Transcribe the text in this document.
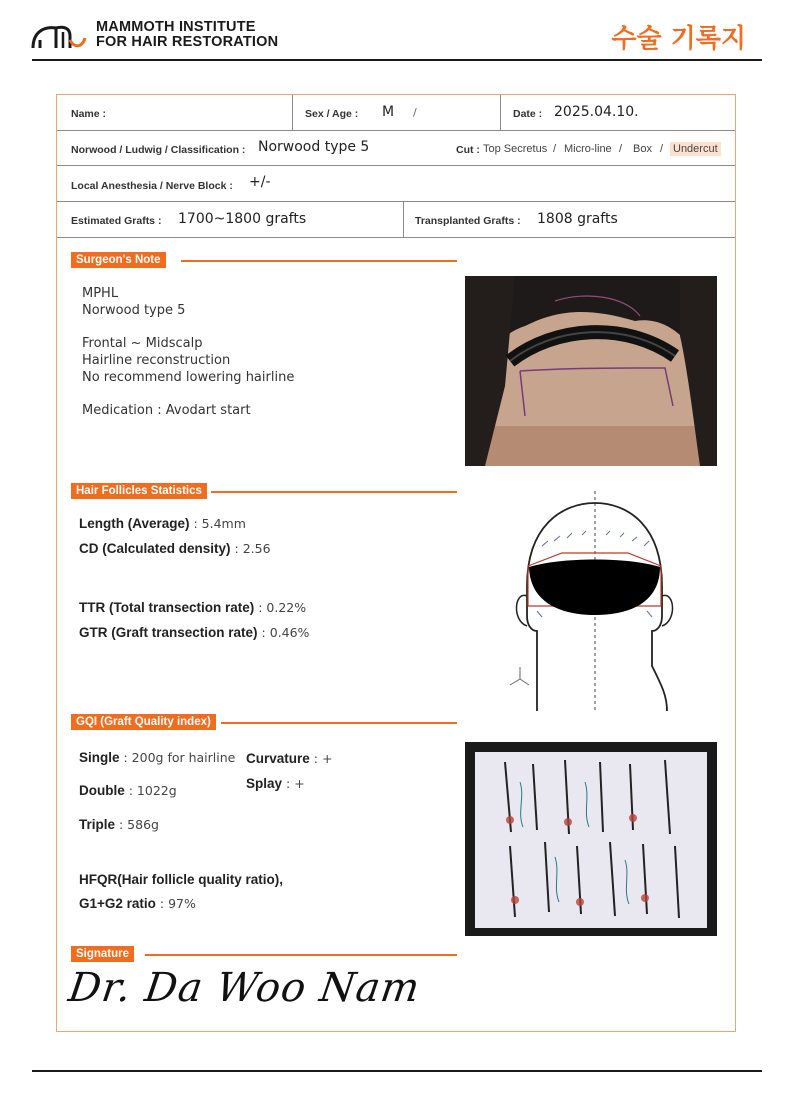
MAMMOTH INSTITUTE
FOR HAIR RESTORATION	수술 기록지
Name :	Sex / Age : M /	Date : 2025.04.10.
Norwood / Ludwig / Classification : Norwood type 5	Cut : Top Secretus / Micro-line / Box / Undercut
Local Anesthesia / Nerve Block : +/-
Estimated Grafts : 1700~1800 grafts	Transplanted Grafts : 1808 grafts
Surgeon's Note
MPHL
Norwood type 5
Frontal ~ Midscalp
Hairline reconstruction
No recommend lowering hairline
Medication : Avodart start
Hair Follicles Statistics
Length (Average) : 5.4mm
CD (Calculated density) : 2.56
TTR (Total transection rate) : 0.22%
GTR (Graft transection rate) : 0.46%
GQI (Graft Quality index)
Single : 200g for hairline Curvature : +
Splay : +
Double : 1022g
Triple : 586g
HFQR(Hair follicle quality ratio),
G1+G2 ratio : 97%
Signature
Dr. Da Woo Nam
